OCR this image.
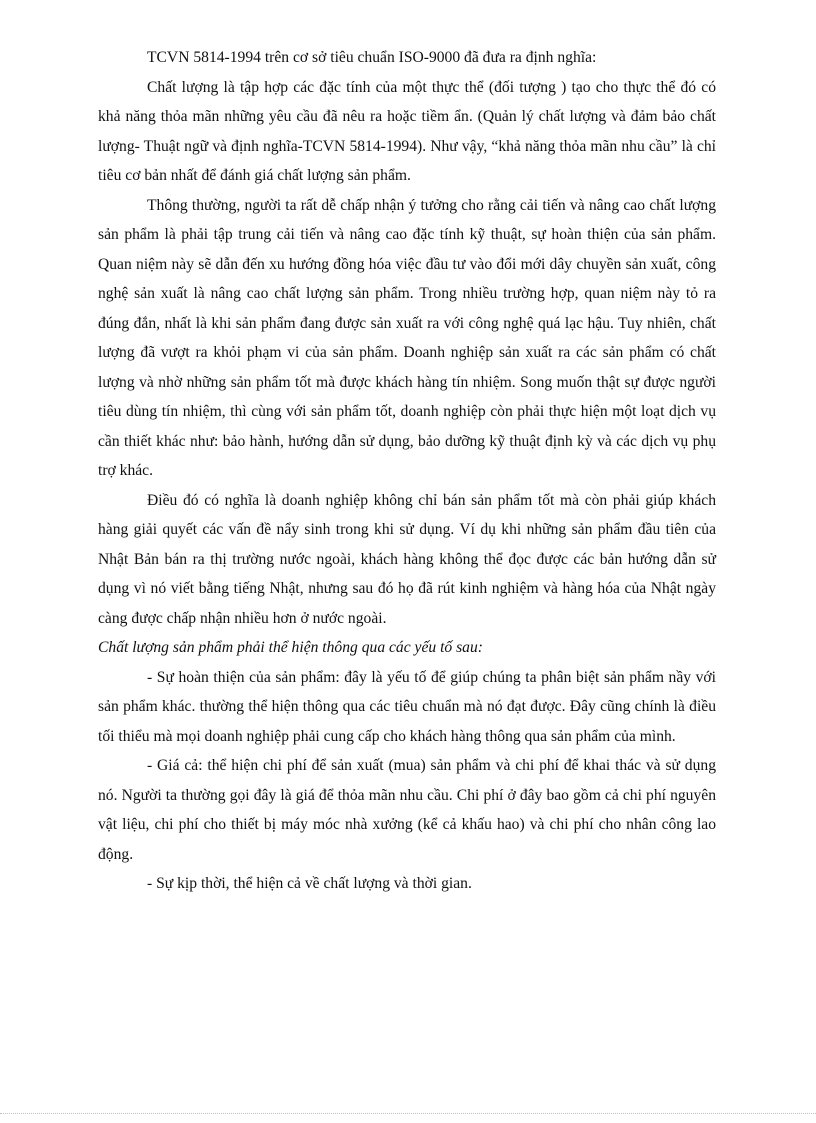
TCVN 5814-1994 trên cơ sở tiêu chuẩn ISO-9000 đã đưa ra định nghĩa:

Chất lượng là tập hợp các đặc tính của một thực thể (đối tượng ) tạo cho thực thể đó có khả năng thỏa mãn những yêu cầu đã nêu ra hoặc tiềm ẩn. (Quản lý chất lượng và đảm bảo chất lượng- Thuật ngữ và định nghĩa-TCVN 5814-1994). Như vậy, “khả năng thỏa mãn nhu cầu” là chỉ tiêu cơ bản nhất để đánh giá chất lượng sản phẩm.

Thông thường, người ta rất dễ chấp nhận ý tưởng cho rằng cải tiến và nâng cao chất lượng sản phẩm là phải tập trung cải tiến và nâng cao đặc tính kỹ thuật, sự hoàn thiện của sản phẩm. Quan niệm này sẽ dẫn đến xu hướng đồng hóa việc đầu tư vào đổi mới dây chuyền sản xuất, công nghệ sản xuất là nâng cao chất lượng sản phẩm. Trong nhiều trường hợp, quan niệm này tỏ ra đúng đắn, nhất là khi sản phẩm đang được sản xuất ra với công nghệ quá lạc hậu. Tuy nhiên, chất lượng đã vượt ra khỏi phạm vi của sản phẩm. Doanh nghiệp sản xuất ra các sản phẩm có chất lượng và nhờ những sản phẩm tốt mà được khách hàng tín nhiệm. Song muốn thật sự được người tiêu dùng tín nhiệm, thì cùng với sản phẩm tốt, doanh nghiệp còn phải thực hiện một loạt dịch vụ cần thiết khác như: bảo hành, hướng dẫn sử dụng, bảo dưỡng kỹ thuật định kỳ và các dịch vụ phụ trợ khác.

Điều đó có nghĩa là doanh nghiệp không chỉ bán sản phẩm tốt mà còn phải giúp khách hàng giải quyết các vấn đề nẩy sinh trong khi sử dụng. Ví dụ khi những sản phẩm đầu tiên của Nhật Bản bán ra thị trường nước ngoài, khách hàng không thể đọc được các bản hướng dẫn sử dụng vì nó viết bằng tiếng Nhật, nhưng sau đó họ đã rút kinh nghiệm và hàng hóa của Nhật ngày càng được chấp nhận nhiều hơn ở nước ngoài.

Chất lượng sản phẩm phải thể hiện thông qua các yếu tố sau:

- Sự hoàn thiện của sản phẩm: đây là yếu tố để giúp chúng ta phân biệt sản phẩm nầy với sản phẩm khác. thường thể hiện thông qua các tiêu chuẩn mà nó đạt được. Đây cũng chính là điều tối thiểu mà mọi doanh nghiệp phải cung cấp cho khách hàng thông qua sản phẩm của mình.

- Giá cả: thể hiện chi phí để sản xuất (mua) sản phẩm và chi phí để khai thác và sử dụng nó. Người ta thường gọi đây là giá để thỏa mãn nhu cầu. Chi phí ở đây bao gồm cả chi phí nguyên vật liệu, chi phí cho thiết bị máy móc nhà xưởng (kể cả khấu hao) và chi phí cho nhân công lao động.

- Sự kịp thời, thể hiện cả về chất lượng và thời gian.
